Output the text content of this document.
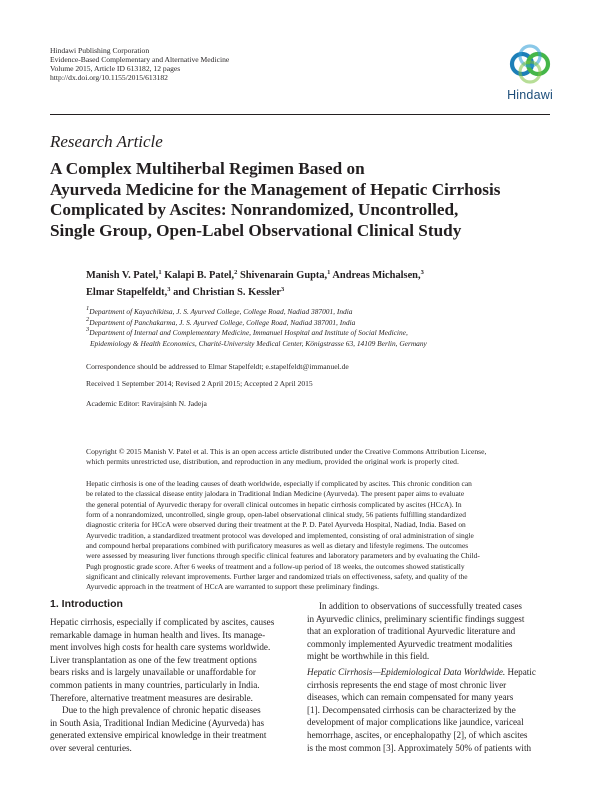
Hindawi Publishing Corporation
Evidence-Based Complementary and Alternative Medicine
Volume 2015, Article ID 613182, 12 pages
http://dx.doi.org/10.1155/2015/613182
Hindawi
Research Article
A Complex Multiherbal Regimen Based on
Ayurveda Medicine for the Management of Hepatic Cirrhosis
Complicated by Ascites: Nonrandomized, Uncontrolled,
Single Group, Open-Label Observational Clinical Study
Manish V. Patel,$^1$ Kalapi B. Patel,$^2$ Shivenarain Gupta,$^1$ Andreas Michalsen,$^3$
Elmar Stapelfeldt,$^3$ and Christian S. Kessler$^3$
$^1$Department of Kayachikitsa, J. S. Ayurved College, College Road, Nadiad 387001, India
$^2$Department of Panchakarma, J. S. Ayurved College, College Road, Nadiad 387001, India
$^3$Department of Internal and Complementary Medicine, Immanuel Hospital and Institute of Social Medicine,
Epidemiology & Health Economics, Charité-University Medical Center, Königstrasse 63, 14109 Berlin, Germany
Correspondence should be addressed to Elmar Stapelfeldt; e.stapelfeldt@immanuel.de
Received 1 September 2014; Revised 2 April 2015; Accepted 2 April 2015
Academic Editor: Ravirajsinh N. Jadeja
Copyright © 2015 Manish V. Patel et al. This is an open access article distributed under the Creative Commons Attribution License,
which permits unrestricted use, distribution, and reproduction in any medium, provided the original work is properly cited.
Hepatic cirrhosis is one of the leading causes of death worldwide, especially if complicated by ascites. This chronic condition can
be related to the classical disease entity jalodara in Traditional Indian Medicine (Ayurveda). The present paper aims to evaluate
the general potential of Ayurvedic therapy for overall clinical outcomes in hepatic cirrhosis complicated by ascites (HCcA). In
form of a nonrandomized, uncontrolled, single group, open-label observational clinical study, 56 patients fulfilling standardized
diagnostic criteria for HCcA were observed during their treatment at the P. D. Patel Ayurveda Hospital, Nadiad, India. Based on
Ayurvedic tradition, a standardized treatment protocol was developed and implemented, consisting of oral administration of single
and compound herbal preparations combined with purificatory measures as well as dietary and lifestyle regimens. The outcomes
were assessed by measuring liver functions through specific clinical features and laboratory parameters and by evaluating the Child-
Pugh prognostic grade score. After 6 weeks of treatment and a follow-up period of 18 weeks, the outcomes showed statistically
significant and clinically relevant improvements. Further larger and randomized trials on effectiveness, safety, and quality of the
Ayurvedic approach in the treatment of HCcA are warranted to support these preliminary findings.
1. Introduction
Hepatic cirrhosis, especially if complicated by ascites, causes
remarkable damage in human health and lives. Its manage-
ment involves high costs for health care systems worldwide.
Liver transplantation as one of the few treatment options
bears risks and is largely unavailable or unaffordable for
common patients in many countries, particularly in India.
Therefore, alternative treatment measures are desirable.
Due to the high prevalence of chronic hepatic diseases
in South Asia, Traditional Indian Medicine (Ayurveda) has
generated extensive empirical knowledge in their treatment
over several centuries.
In addition to observations of successfully treated cases
in Ayurvedic clinics, preliminary scientific findings suggest
that an exploration of traditional Ayurvedic literature and
commonly implemented Ayurvedic treatment modalities
might be worthwhile in this field.
Hepatic Cirrhosis—Epidemiological Data Worldwide. Hepatic
cirrhosis represents the end stage of most chronic liver
diseases, which can remain compensated for many years
[1]. Decompensated cirrhosis can be characterized by the
development of major complications like jaundice, variceal
hemorrhage, ascites, or encephalopathy [2], of which ascites
is the most common [3]. Approximately 50% of patients with
